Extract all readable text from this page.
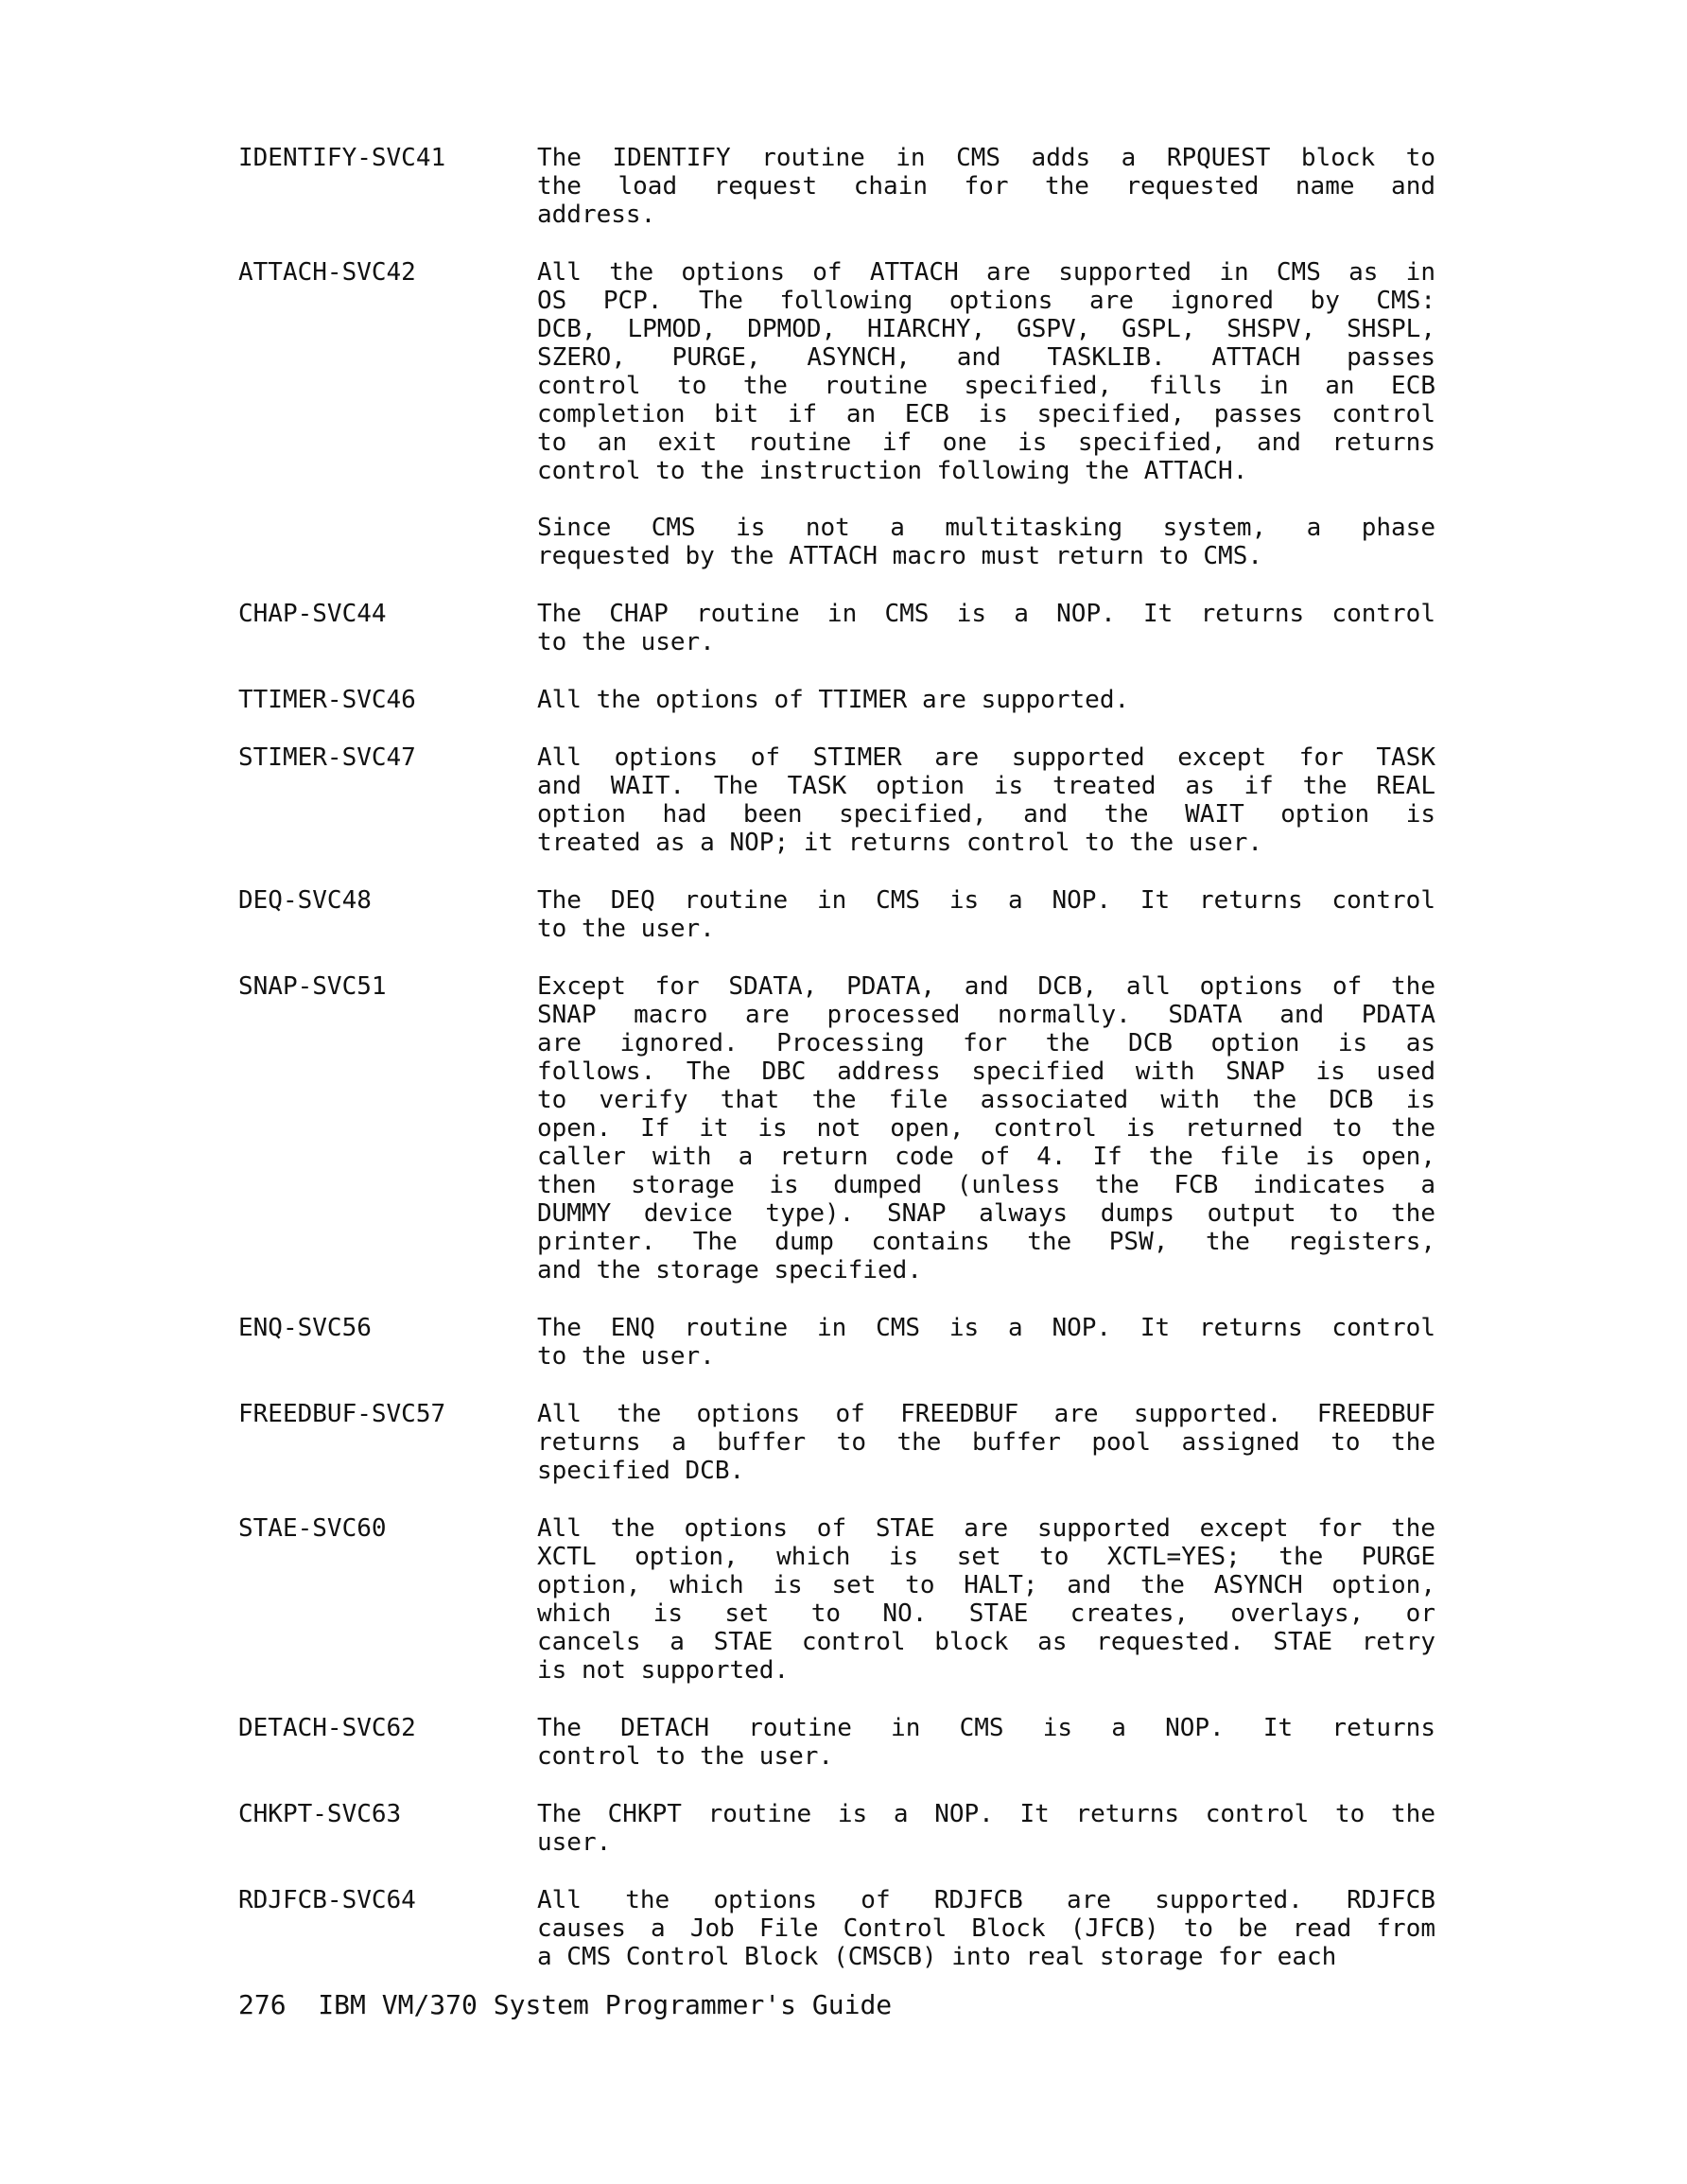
IDENTIFY-SVC41	The IDENTIFY routine in CMS adds a RPQUEST block to
the load request chain for the requested name and
address.
ATTACH-SVC42	All the options of ATTACH are supported in CMS as in
OS PCP. The following options are ignored by CMS:
DCB, LPMOD, DPMOD, HIARCHY, GSPV, GSPL, SHSPV, SHSPL,
SZERO, PURGE, ASYNCH, and TASKLIB. ATTACH passes
control to the routine specified, fills in an ECB
completion bit if an ECB is specified, passes control
to an exit routine if one is specified, and returns
control to the instruction following the ATTACH.
Since CMS is not a multitasking system, a phase
requested by the ATTACH macro must return to CMS.
CHAP-SVC44	The CHAP routine in CMS is a NOP. It returns control
to the user.
TTIMER-SVC46	All the options of TTIMER are supported.
STIMER-SVC47	All options of STIMER are supported except for TASK
and WAIT. The TASK option is treated as if the REAL
option had been specified, and the WAIT option is
treated as a NOP; it returns control to the user.
DEQ-SVC48	The DEQ routine in CMS is a NOP. It returns control
to the user.
SNAP-SVC51	Except for SDATA, PDATA, and DCB, all options of the
SNAP macro are processed normally. SDATA and PDATA
are ignored. Processing for the DCB option is as
follows. The DBC address specified with SNAP is used
to verify that the file associated with the DCB is
open. If it is not open, control is returned to the
caller with a return code of 4. If the file is open,
then storage is dumped (unless the FCB indicates a
DUMMY device type). SNAP always dumps output to the
printer. The dump contains the PSW, the registers,
and the storage specified.
ENQ-SVC56	The ENQ routine in CMS is a NOP. It returns control
to the user.
FREEDBUF-SVC57	All the options of FREEDBUF are supported. FREEDBUF
returns a buffer to the buffer pool assigned to the
specified DCB.
STAE-SVC60	All the options of STAE are supported except for the
XCTL option, which is set to XCTL=YES; the PURGE
option, which is set to HALT; and the ASYNCH option,
which is set to NO. STAE creates, overlays, or
cancels a STAE control block as requested. STAE retry
is not supported.
DETACH-SVC62	The DETACH routine in CMS is a NOP. It returns
control to the user.
CHKPT-SVC63	The CHKPT routine is a NOP. It returns control to the
user.
RDJFCB-SVC64	All the options of RDJFCB are supported. RDJFCB
causes a Job File Control Block (JFCB) to be read from
a CMS Control Block (CMSCB) into real storage for each
276 IBM VM/370 System Programmer's Guide
